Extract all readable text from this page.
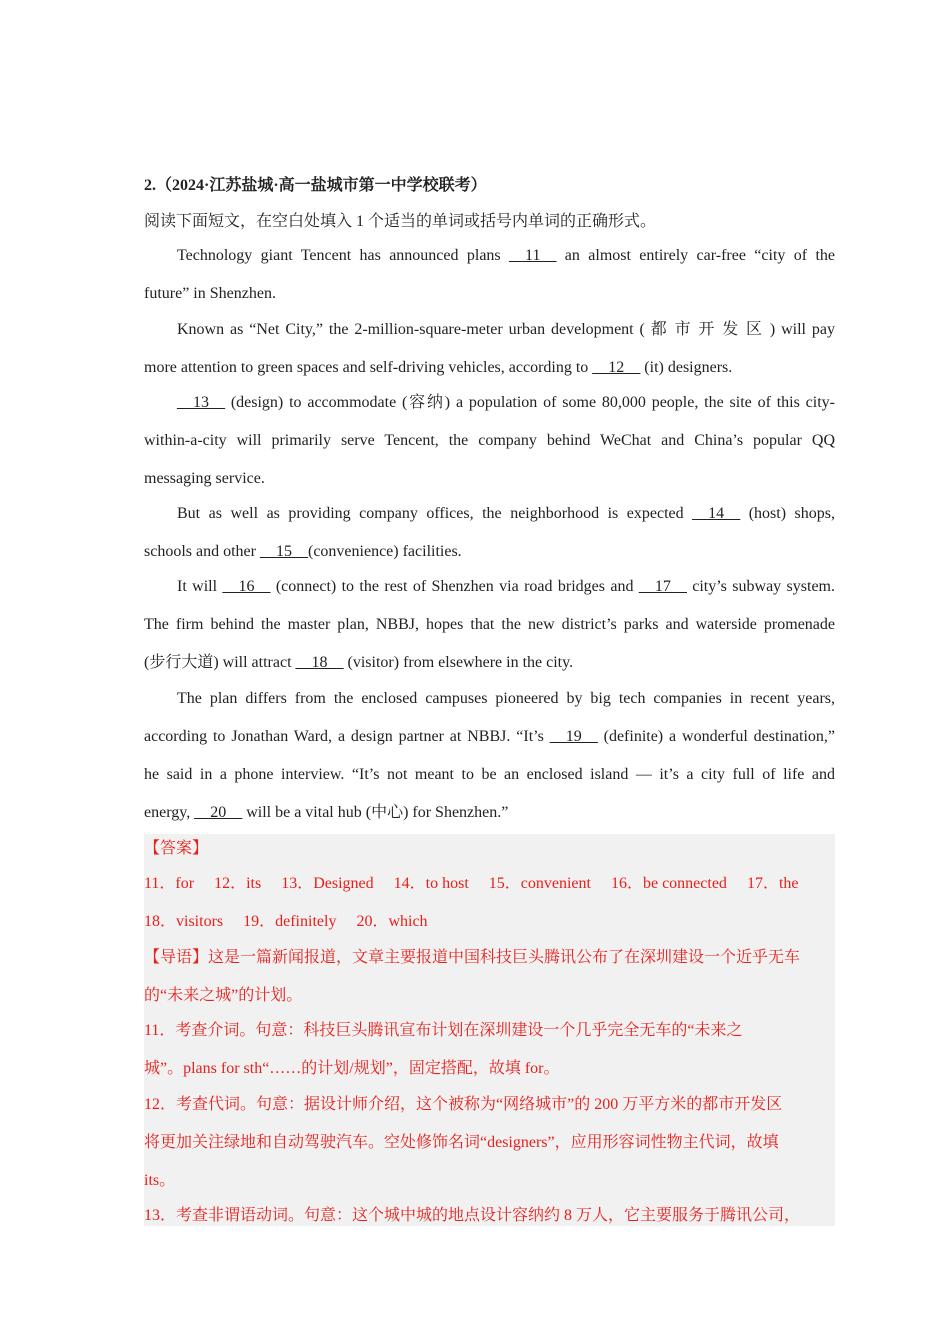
2.（2024·江苏盐城·高一盐城市第一中学校联考）
阅读下面短文，在空白处填入 1 个适当的单词或括号内单词的正确形式。
Technology giant Tencent has announced plans __11__ an almost entirely car-free “city of the
future” in Shenzhen.
Known as “Net City,” the 2-million-square-meter urban development ( 都 市 开 发 区 ) will pay
more attention to green spaces and self-driving vehicles, according to __12__ (it) designers.
__13__ (design) to accommodate (容纳) a population of some 80,000 people, the site of this city-
within-a-city will primarily serve Tencent, the company behind WeChat and China’s popular QQ
messaging service.
But as well as providing company offices, the neighborhood is expected __14__ (host) shops,
schools and other __15__(convenience) facilities.
It will __16__ (connect) to the rest of Shenzhen via road bridges and __17__ city’s subway system.
The firm behind the master plan, NBBJ, hopes that the new district’s parks and waterside promenade
(步行大道) will attract __18__ (visitor) from elsewhere in the city.
The plan differs from the enclosed campuses pioneered by big tech companies in recent years,
according to Jonathan Ward, a design partner at NBBJ. “It’s __19__ (definite) a wonderful destination,”
he said in a phone interview. “It’s not meant to be an enclosed island — it’s a city full of life and
energy, __20__ will be a vital hub (中心) for Shenzhen.”
【答案】
11．for 12．its 13．Designed 14．to host 15．convenient 16．be connected 17．the
18．visitors 19．definitely 20．which
【导语】这是一篇新闻报道，文章主要报道中国科技巨头腾讯公布了在深圳建设一个近乎无车
的“未来之城”的计划。
11．考查介词。句意：科技巨头腾讯宣布计划在深圳建设一个几乎完全无车的“未来之
城”。plans for sth“……的计划/规划”，固定搭配，故填 for。
12．考查代词。句意：据设计师介绍，这个被称为“网络城市”的 200 万平方米的都市开发区
将更加关注绿地和自动驾驶汽车。空处修饰名词“designers”，应用形容词性物主代词，故填
its。
13．考查非谓语动词。句意：这个城中城的地点设计容纳约 8 万人，它主要服务于腾讯公司，
